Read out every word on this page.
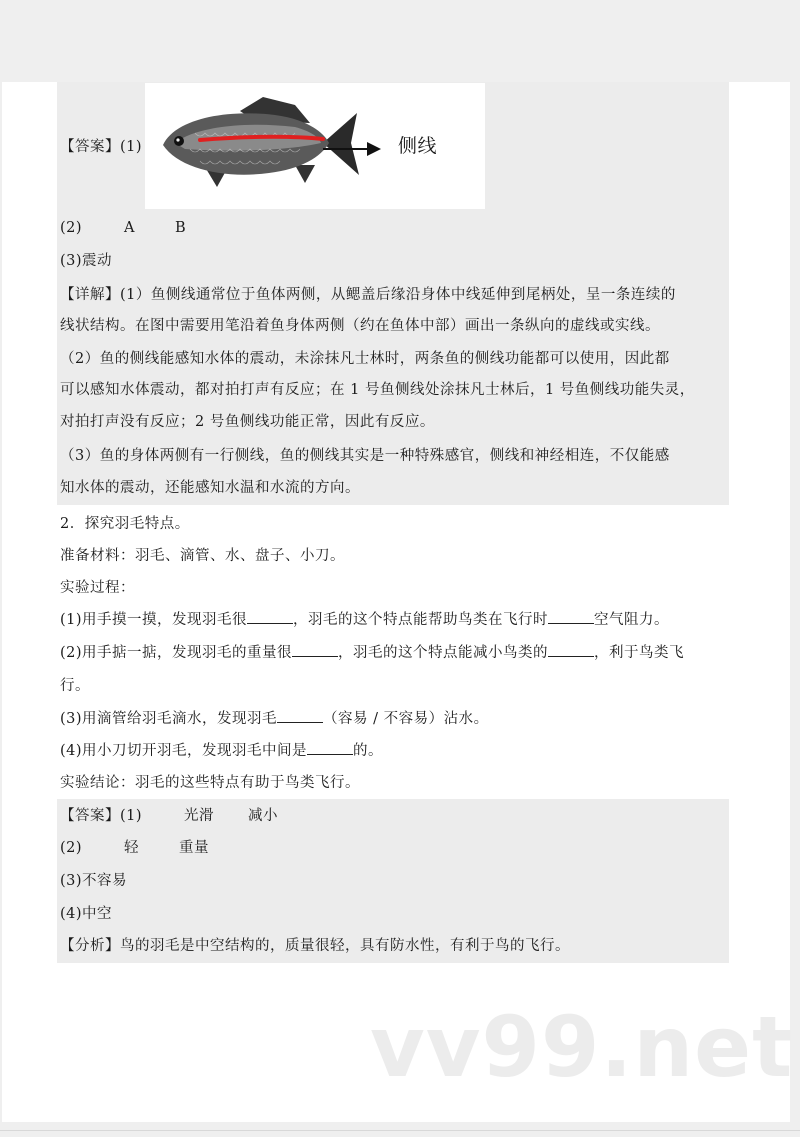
侧线
【答案】(1)
(2)	A	B
(3)震动
【详解】(1）鱼侧线通常位于鱼体两侧，从鳃盖后缘沿身体中线延伸到尾柄处，呈一条连续的
线状结构。在图中需要用笔沿着鱼身体两侧（约在鱼体中部）画出一条纵向的虚线或实线。
（2）鱼的侧线能感知水体的震动，未涂抹凡士林时，两条鱼的侧线功能都可以使用，因此都
可以感知水体震动，都对拍打声有反应；在 1 号鱼侧线处涂抹凡士林后，1 号鱼侧线功能失灵，
对拍打声没有反应；2 号鱼侧线功能正常，因此有反应。
（3）鱼的身体两侧有一行侧线，鱼的侧线其实是一种特殊感官，侧线和神经相连，不仅能感
知水体的震动，还能感知水温和水流的方向。
2．探究羽毛特点。
准备材料：羽毛、滴管、水、盘子、小刀。
实验过程：
(1)用手摸一摸，发现羽毛很	，羽毛的这个特点能帮助鸟类在飞行时	空气阻力。
(2)用手掂一掂，发现羽毛的重量很	，羽毛的这个特点能减小鸟类的	，利于鸟类飞
行。
(3)用滴管给羽毛滴水，发现羽毛	（容易 / 不容易）沾水。
(4)用小刀切开羽毛，发现羽毛中间是	的。
实验结论：羽毛的这些特点有助于鸟类飞行。
【答案】(1)	光滑 减小
(2)	轻	重量
(3)不容易
(4)中空
【分析】鸟的羽毛是中空结构的，质量很轻，具有防水性，有利于鸟的飞行。
vv99.net
